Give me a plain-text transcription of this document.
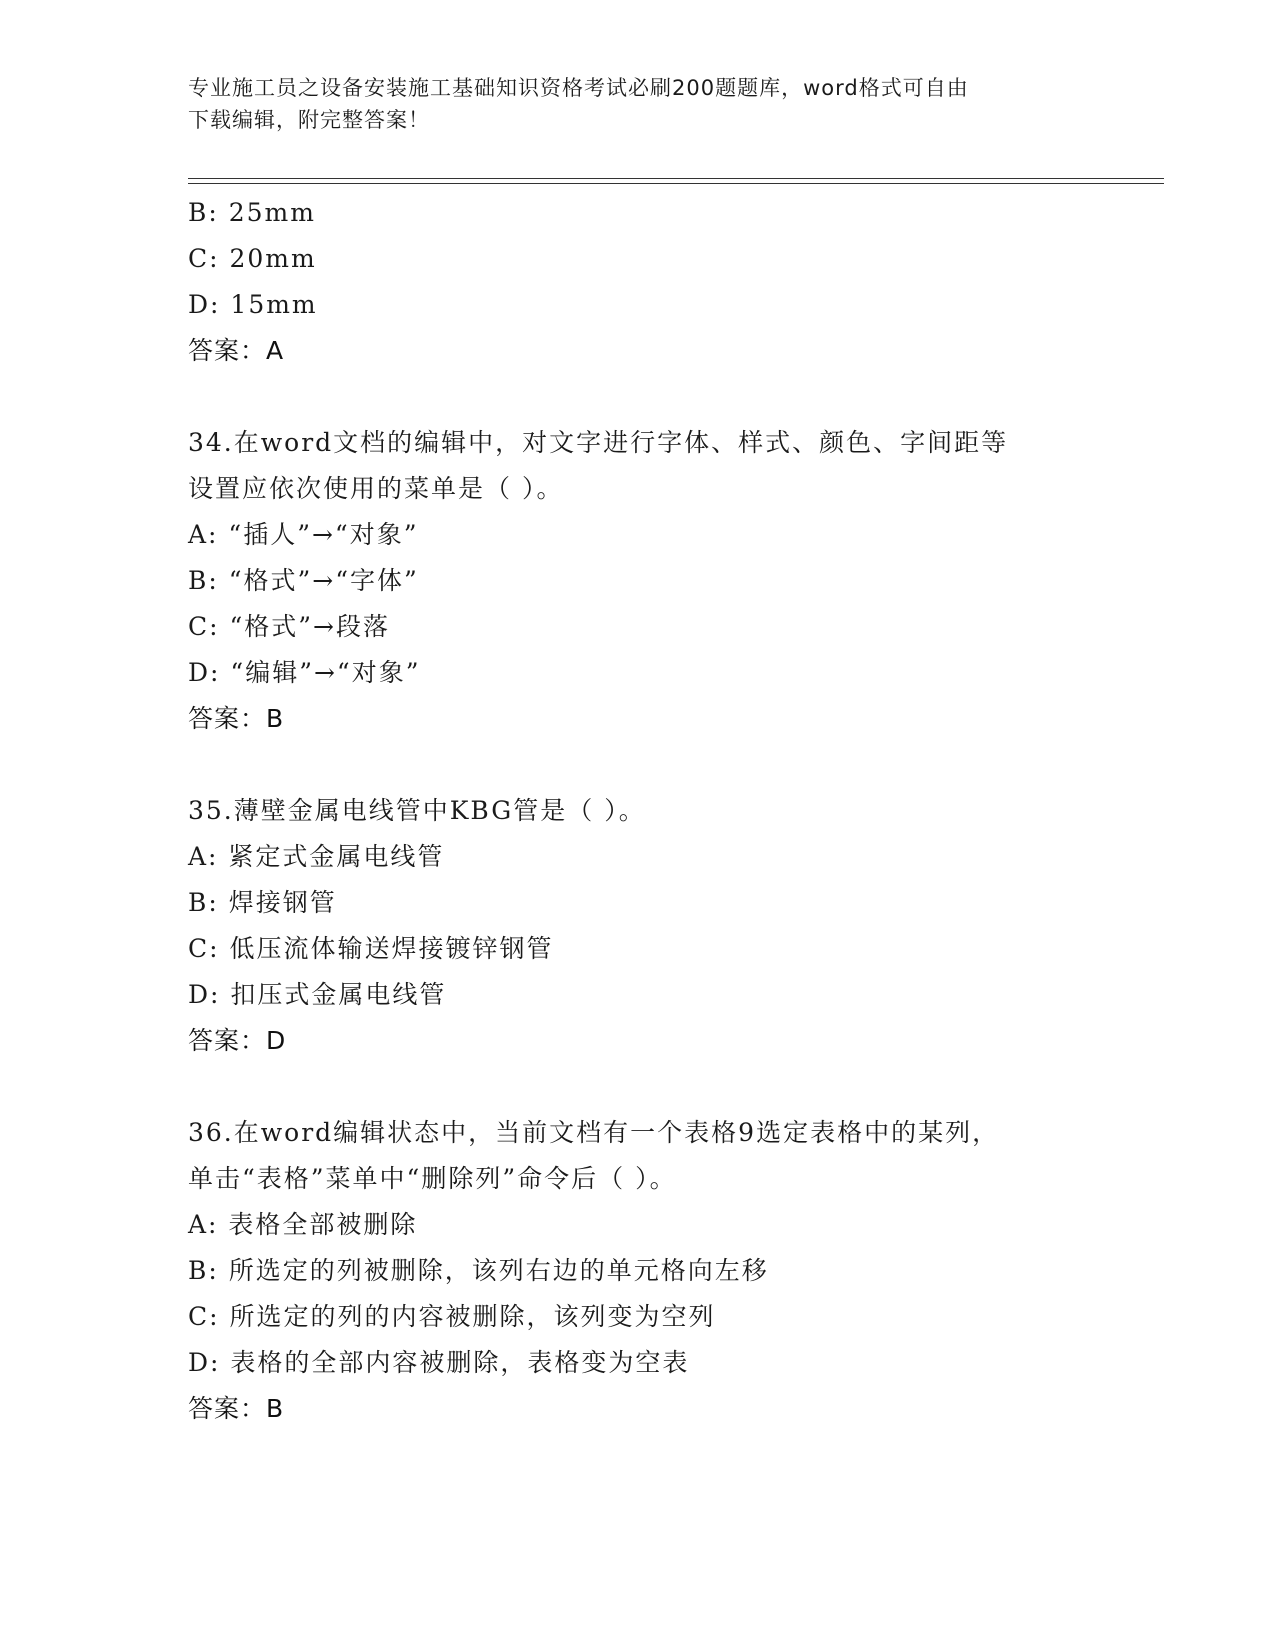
专业施工员之设备安装施工基础知识资格考试必刷200题题库，word格式可自由
下载编辑，附完整答案！
B: 25mm
C: 20mm
D: 15mm
答案：A
34.在word文档的编辑中，对文字进行字体、样式、颜色、字间距等
设置应依次使用的菜单是（ ）。
A: “插人”→“对象”
B: “格式”→“字体”
C: “格式”→段落
D: “编辑”→“对象”
答案：B
35.薄壁金属电线管中KBG管是（ ）。
A: 紧定式金属电线管
B: 焊接钢管
C: 低压流体输送焊接镀锌钢管
D: 扣压式金属电线管
答案：D
36.在word编辑状态中，当前文档有一个表格9选定表格中的某列，
单击“表格”菜单中“删除列”命令后（ ）。
A: 表格全部被删除
B: 所选定的列被删除，该列右边的单元格向左移
C: 所选定的列的内容被删除，该列变为空列
D: 表格的全部内容被删除，表格变为空表
答案：B
